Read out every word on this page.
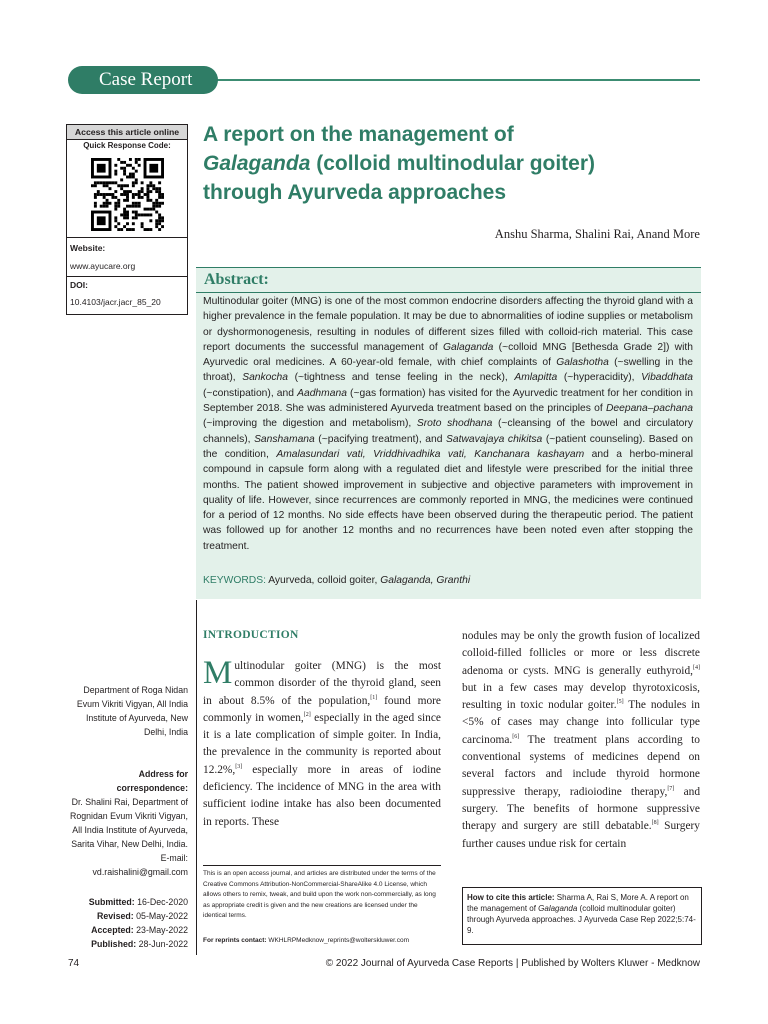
Case Report
Access this article online
Quick Response Code:
Website:
www.ayucare.org
DOI:
10.4103/jacr.jacr_85_20
A report on the management of
Galaganda (colloid multinodular goiter)
through Ayurveda approaches
Anshu Sharma, Shalini Rai, Anand More
Abstract:
Multinodular goiter (MNG) is one of the most common endocrine disorders affecting the thyroid gland with a higher prevalence in the female population. It may be due to abnormalities of iodine supplies or metabolism or dyshormonogenesis, resulting in nodules of different sizes filled with colloid-rich material. This case report documents the successful management of Galaganda (~colloid MNG [Bethesda Grade 2]) with Ayurvedic oral medicines. A 60-year-old female, with chief complaints of Galashotha (~swelling in the throat), Sankocha (~tightness and tense feeling in the neck), Amlapitta (~hyperacidity), Vibaddhata (~constipation), and Aadhmana (~gas formation) has visited for the Ayurvedic treatment for her condition in September 2018. She was administered Ayurveda treatment based on the principles of Deepana–pachana (~improving the digestion and metabolism), Sroto shodhana (~cleansing of the bowel and circulatory channels), Sanshamana (~pacifying treatment), and Satwavajaya chikitsa (~patient counseling). Based on the condition, Amalasundari vati, Vriddhivadhika vati, Kanchanara kashayam and a herbo-mineral compound in capsule form along with a regulated diet and lifestyle were prescribed for the initial three months. The patient showed improvement in subjective and objective parameters with improvement in quality of life. However, since recurrences are commonly reported in MNG, the medicines were continued for a period of 12 months. No side effects have been observed during the therapeutic period. The patient was followed up for another 12 months and no recurrences have been noted even after stopping the treatment.
KEYWORDS: Ayurveda, colloid goiter, Galaganda, Granthi
INTRODUCTION
Multinodular goiter (MNG) is the most common disorder of the thyroid gland, seen in about 8.5% of the population,[1] found more commonly in women,[2] especially in the aged since it is a late complication of simple goiter. In India, the prevalence in the community is reported about 12.2%,[3] especially more in areas of iodine deficiency. The incidence of MNG in the area with sufficient iodine intake has also been documented in reports. These
nodules may be only the growth fusion of localized colloid-filled follicles or more or less discrete adenoma or cysts. MNG is generally euthyroid,[4] but in a few cases may develop thyrotoxicosis, resulting in toxic nodular goiter.[5] The nodules in <5% of cases may change into follicular type carcinoma.[6] The treatment plans according to conventional systems of medicines depend on several factors and include thyroid hormone suppressive therapy, radioiodine therapy,[7] and surgery. The benefits of hormone suppressive therapy and surgery are still debatable.[8] Surgery further causes undue risk for certain
Department of Roga Nidan Evum Vikriti Vigyan, All India Institute of Ayurveda, New Delhi, India
Address for correspondence:
Dr. Shalini Rai, Department of Rognidan Evum Vikriti Vigyan, All India Institute of Ayurveda, Sarita Vihar, New Delhi, India.
E-mail: vd.raishalini@gmail.com
Submitted: 16-Dec-2020
Revised: 05-May-2022
Accepted: 23-May-2022
Published: 28-Jun-2022
This is an open access journal, and articles are distributed under the terms of the Creative Commons Attribution-NonCommercial-ShareAlike 4.0 License, which allows others to remix, tweak, and build upon the work non-commercially, as long as appropriate credit is given and the new creations are licensed under the identical terms.
For reprints contact: WKHLRPMedknow_reprints@wolterskluwer.com
How to cite this article: Sharma A, Rai S, More A. A report on the management of Galaganda (colloid multinodular goiter) through Ayurveda approaches. J Ayurveda Case Rep 2022;5:74-9.
74	© 2022 Journal of Ayurveda Case Reports | Published by Wolters Kluwer - Medknow
